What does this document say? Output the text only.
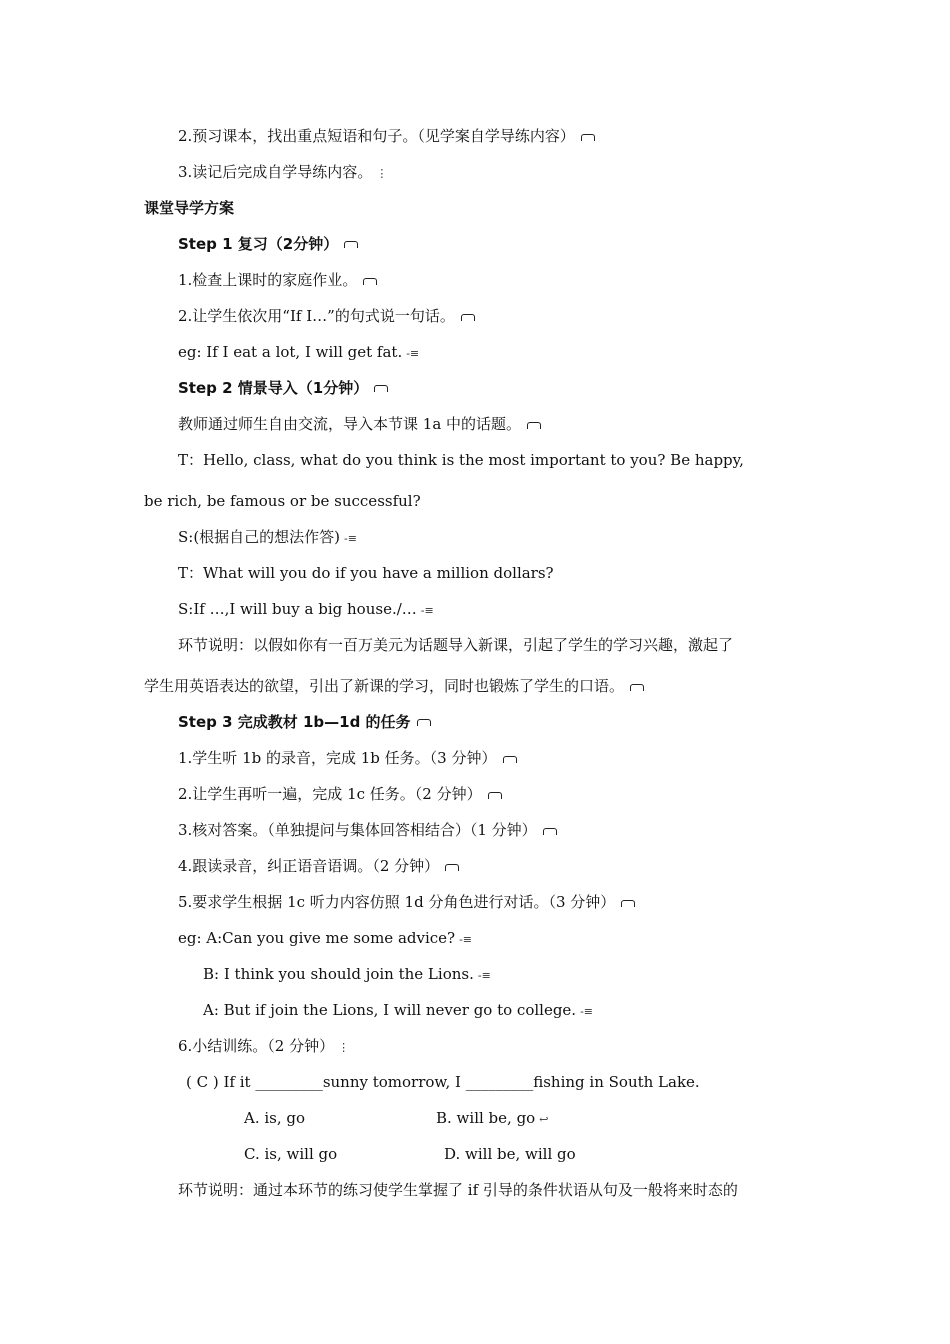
2.预习课本，找出重点短语和句子。（见学案自学导练内容）
3.读记后完成自学导练内容。 ⋮
课堂导学方案
Step 1 复习（2分钟）
1.检查上课时的家庭作业。
2.让学生依次用“If I…”的句式说一句话。
eg: If I eat a lot, I will get fat. -≡
Step 2 情景导入（1分钟）
教师通过师生自由交流，导入本节课 1a 中的话题。
T：Hello, class, what do you think is the most important to you? Be happy,
be rich, be famous or be successful?
S:(根据自己的想法作答) -≡
T：What will you do if you have a million dollars?
S:If …,I will buy a big house./… -≡
环节说明：以假如你有一百万美元为话题导入新课，引起了学生的学习兴趣，激起了
学生用英语表达的欲望，引出了新课的学习，同时也锻炼了学生的口语。
Step 3 完成教材 1b—1d 的任务
1.学生听 1b 的录音，完成 1b 任务。（3 分钟）
2.让学生再听一遍，完成 1c 任务。（2 分钟）
3.核对答案。（单独提问与集体回答相结合）（1 分钟）
4.跟读录音，纠正语音语调。（2 分钟）
5.要求学生根据 1c 听力内容仿照 1d 分角色进行对话。（3 分钟）
eg: A:Can you give me some advice? -≡
B: I think you should join the Lions. -≡
A: But if join the Lions, I will never go to college. -≡
6.小结训练。（2 分钟） ⋮
( C ) If it _________sunny tomorrow, I _________fishing in South Lake.
A. is, go	B. will be, go ↩
C. is, will go	D. will be, will go
环节说明：通过本环节的练习使学生掌握了 if 引导的条件状语从句及一般将来时态的
